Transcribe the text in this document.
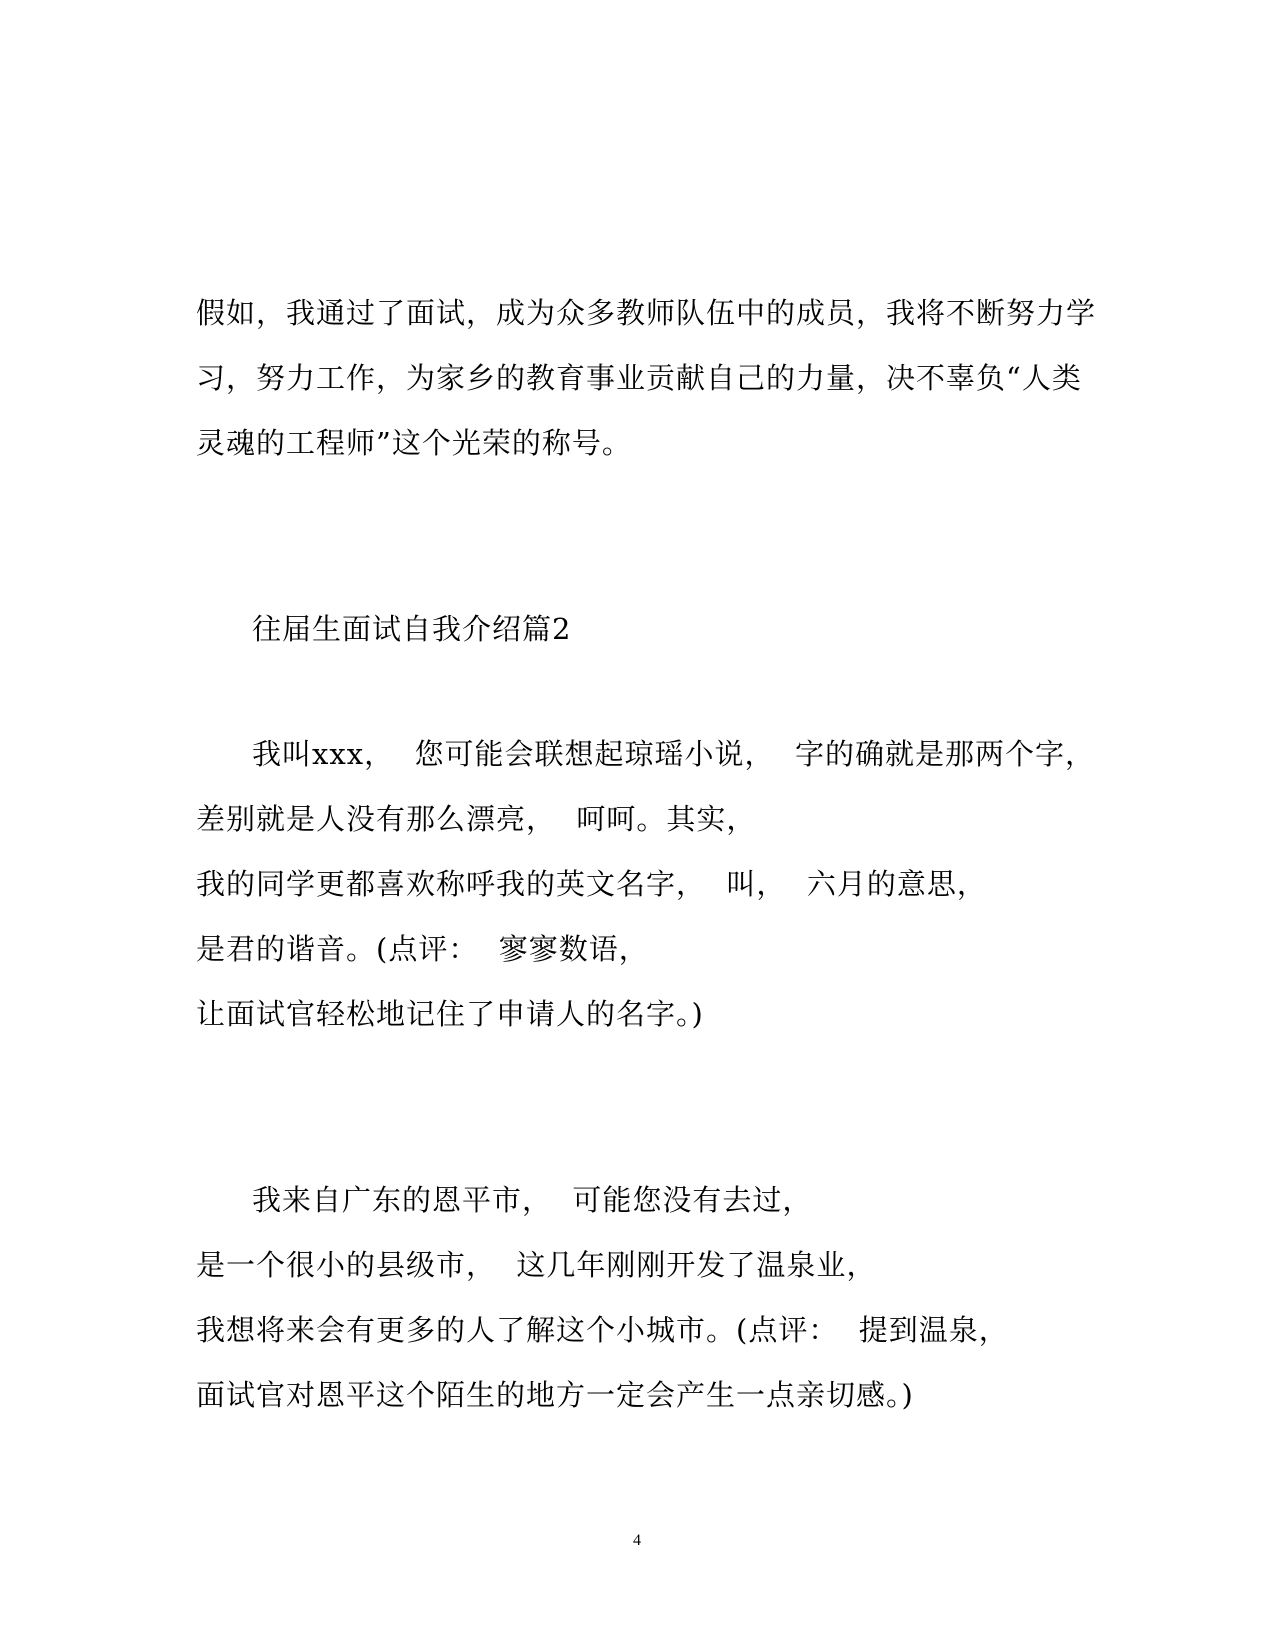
假如，我通过了面试，成为众多教师队伍中的成员，我将不断努力学
习，努力工作，为家乡的教育事业贡献自己的力量，决不辜负“人类
灵魂的工程师”这个光荣的称号。
往届生面试自我介绍篇2
我叫xxx，  您可能会联想起琼瑶小说，  字的确就是那两个字，
差别就是人没有那么漂亮，  呵呵。其实，
我的同学更都喜欢称呼我的英文名字，  叫，  六月的意思，
是君的谐音。(点评：  寥寥数语，
让面试官轻松地记住了申请人的名字。)
我来自广东的恩平市，  可能您没有去过，
是一个很小的县级市，  这几年刚刚开发了温泉业，
我想将来会有更多的人了解这个小城市。(点评：  提到温泉，
面试官对恩平这个陌生的地方一定会产生一点亲切感。)
4
